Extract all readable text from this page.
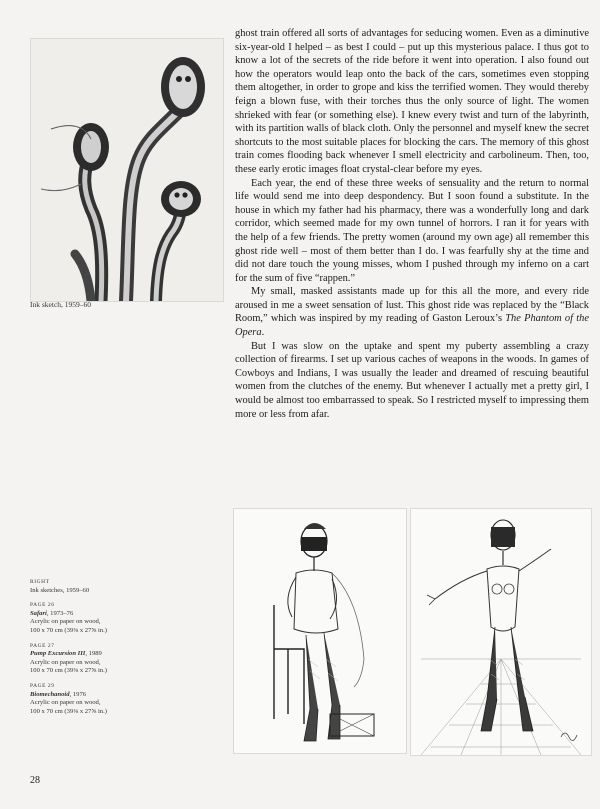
Ink sketch, 1959–60

ghost train offered all sorts of advantages for seducing women. Even as a diminutive six-year-old I helped – as best I could – put up this mysterious palace. I thus got to know a lot of the secrets of the ride before it went into operation. I also found out how the operators would leap onto the back of the cars, sometimes even stopping them altogether, in order to grope and kiss the terrified women. They would thereby feign a blown fuse, with their torches thus the only source of light. The women shrieked with fear (or something else). I knew every twist and turn of the labyrinth, with its partition walls of black cloth. Only the personnel and myself knew the secret shortcuts to the most suitable places for blocking the cars. The memory of this ghost train comes flooding back whenever I smell electricity and carbolineum. Then, too, these early erotic images float crystal-clear before my eyes.

Each year, the end of these three weeks of sensuality and the return to normal life would send me into deep despondency. But I soon found a substitute. In the house in which my father had his pharmacy, there was a wonderfully long and dark corridor, which seemed made for my own tunnel of horrors. I ran it for years with the help of a few friends. The pretty women (around my own age) all remember this ghost ride well – most of them better than I do. I was fearfully shy at the time and did not dare touch the young misses, whom I pushed through my inferno on a cart for the sum of five “rappen.”

My small, masked assistants made up for this all the more, and every ride aroused in me a sweet sensation of lust. This ghost ride was replaced by the “Black Room,” which was inspired by my reading of Gaston Leroux’s The Phantom of the Opera.

But I was slow on the uptake and spent my puberty assembling a crazy collection of firearms. I set up various caches of weapons in the woods. In games of Cowboys and Indians, I was usually the leader and dreamed of rescuing beautiful women from the clutches of the enemy. But whenever I actually met a pretty girl, I would be almost too embarrassed to speak. So I restricted myself to impressing them more or less from afar.

RIGHT
Ink sketches, 1959–60
PAGE 26
Safari, 1973–76
Acrylic on paper on wood,
100 x 70 cm (39⅜ x 27⅝ in.)
PAGE 27
Pump Excursion III, 1989
Acrylic on paper on wood,
100 x 70 cm (39⅜ x 27⅝ in.)
PAGE 29
Biomechanoid, 1976
Acrylic on paper on wood,
100 x 70 cm (39⅜ x 27⅝ in.)
28
